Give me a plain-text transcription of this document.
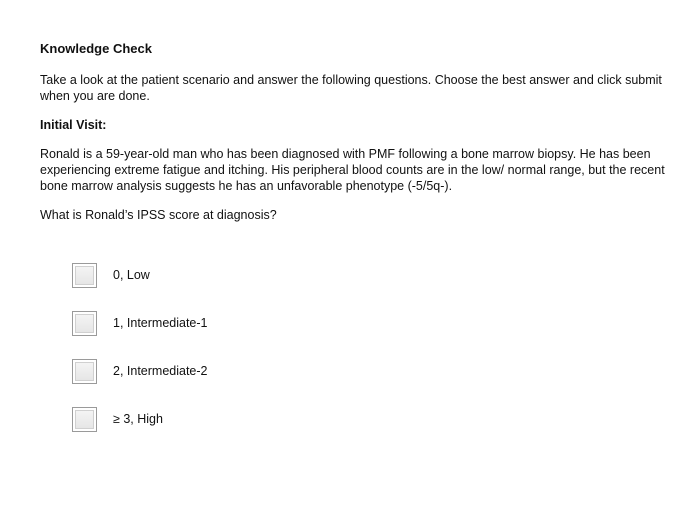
Knowledge Check
Take a look at the patient scenario and answer the following questions. Choose the best answer and click submit when you are done.
Initial Visit:
Ronald is a 59-year-old man who has been diagnosed with PMF following a bone marrow biopsy. He has been experiencing extreme fatigue and itching. His peripheral blood counts are in the low/ normal range, but the recent bone marrow analysis suggests he has an unfavorable phenotype (-5/5q-).
What is Ronald’s IPSS score at diagnosis?
0, Low
1, Intermediate-1
2, Intermediate-2
≥ 3, High
